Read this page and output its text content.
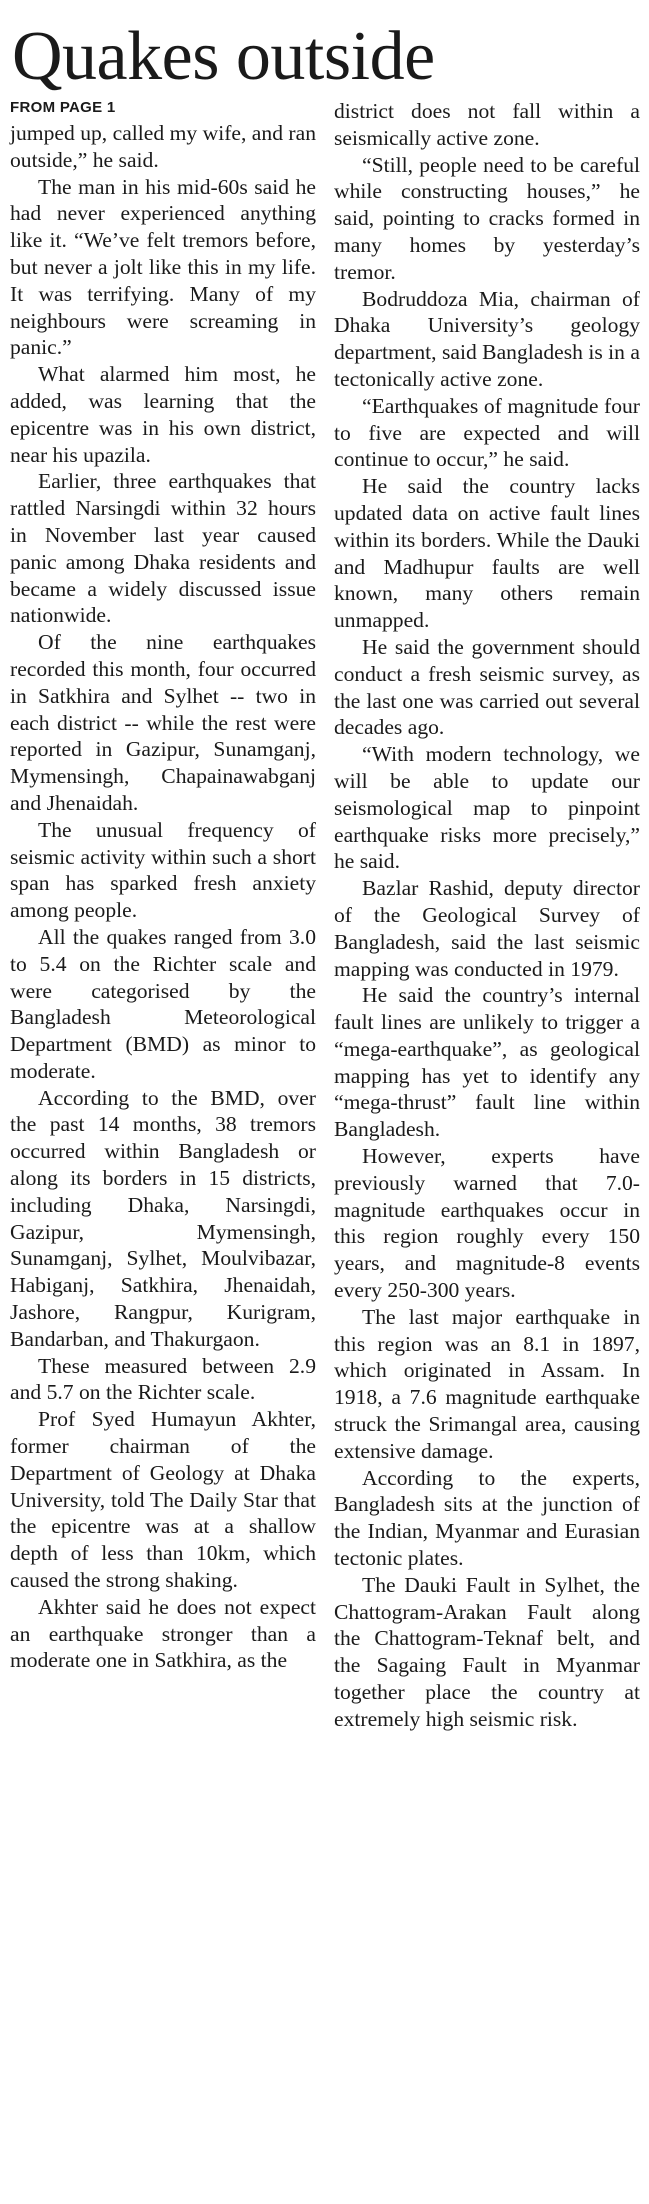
Quakes outside
FROM PAGE 1

jumped up, called my wife, and ran outside,” he said.

The man in his mid-60s said he had never experienced anything like it. “We’ve felt tremors before, but never a jolt like this in my life. It was terrifying. Many of my neighbours were screaming in panic.”

What alarmed him most, he added, was learning that the epicentre was in his own district, near his upazila.

Earlier, three earthquakes that rattled Narsingdi within 32 hours in November last year caused panic among Dhaka residents and became a widely discussed issue nationwide.

Of the nine earthquakes recorded this month, four occurred in Satkhira and Sylhet -- two in each district -- while the rest were reported in Gazipur, Sunamganj, Mymensingh, Chapainawabganj and Jhenaidah.

The unusual frequency of seismic activity within such a short span has sparked fresh anxiety among people.

All the quakes ranged from 3.0 to 5.4 on the Richter scale and were categorised by the Bangladesh Meteorological Department (BMD) as minor to moderate.

According to the BMD, over the past 14 months, 38 tremors occurred within Bangladesh or along its borders in 15 districts, including Dhaka, Narsingdi, Gazipur, Mymensingh, Sunamganj, Sylhet, Moulvibazar, Habiganj, Satkhira, Jhenaidah, Jashore, Rangpur, Kurigram, Bandarban, and Thakurgaon.

These measured between 2.9 and 5.7 on the Richter scale.

Prof Syed Humayun Akhter, former chairman of the Department of Geology at Dhaka University, told The Daily Star that the epicentre was at a shallow depth of less than 10km, which caused the strong shaking.

Akhter said he does not expect an earthquake stronger than a moderate one in Satkhira, as the

district does not fall within a seismically active zone.

“Still, people need to be careful while constructing houses,” he said, pointing to cracks formed in many homes by yesterday’s tremor.

Bodruddoza Mia, chairman of Dhaka University’s geology department, said Bangladesh is in a tectonically active zone.

“Earthquakes of magnitude four to five are expected and will continue to occur,” he said.

He said the country lacks updated data on active fault lines within its borders. While the Dauki and Madhupur faults are well known, many others remain unmapped.

He said the government should conduct a fresh seismic survey, as the last one was carried out several decades ago.

“With modern technology, we will be able to update our seismological map to pinpoint earthquake risks more precisely,” he said.

Bazlar Rashid, deputy director of the Geological Survey of Bangladesh, said the last seismic mapping was conducted in 1979.

He said the country’s internal fault lines are unlikely to trigger a “mega-earthquake”, as geological mapping has yet to identify any “mega-thrust” fault line within Bangladesh.

However, experts have previously warned that 7.0-magnitude earthquakes occur in this region roughly every 150 years, and magnitude-8 events every 250-300 years.

The last major earthquake in this region was an 8.1 in 1897, which originated in Assam. In 1918, a 7.6 magnitude earthquake struck the Srimangal area, causing extensive damage.

According to the experts, Bangladesh sits at the junction of the Indian, Myanmar and Eurasian tectonic plates.

The Dauki Fault in Sylhet, the Chattogram-Arakan Fault along the Chattogram-Teknaf belt, and the Sagaing Fault in Myanmar together place the country at extremely high seismic risk.
